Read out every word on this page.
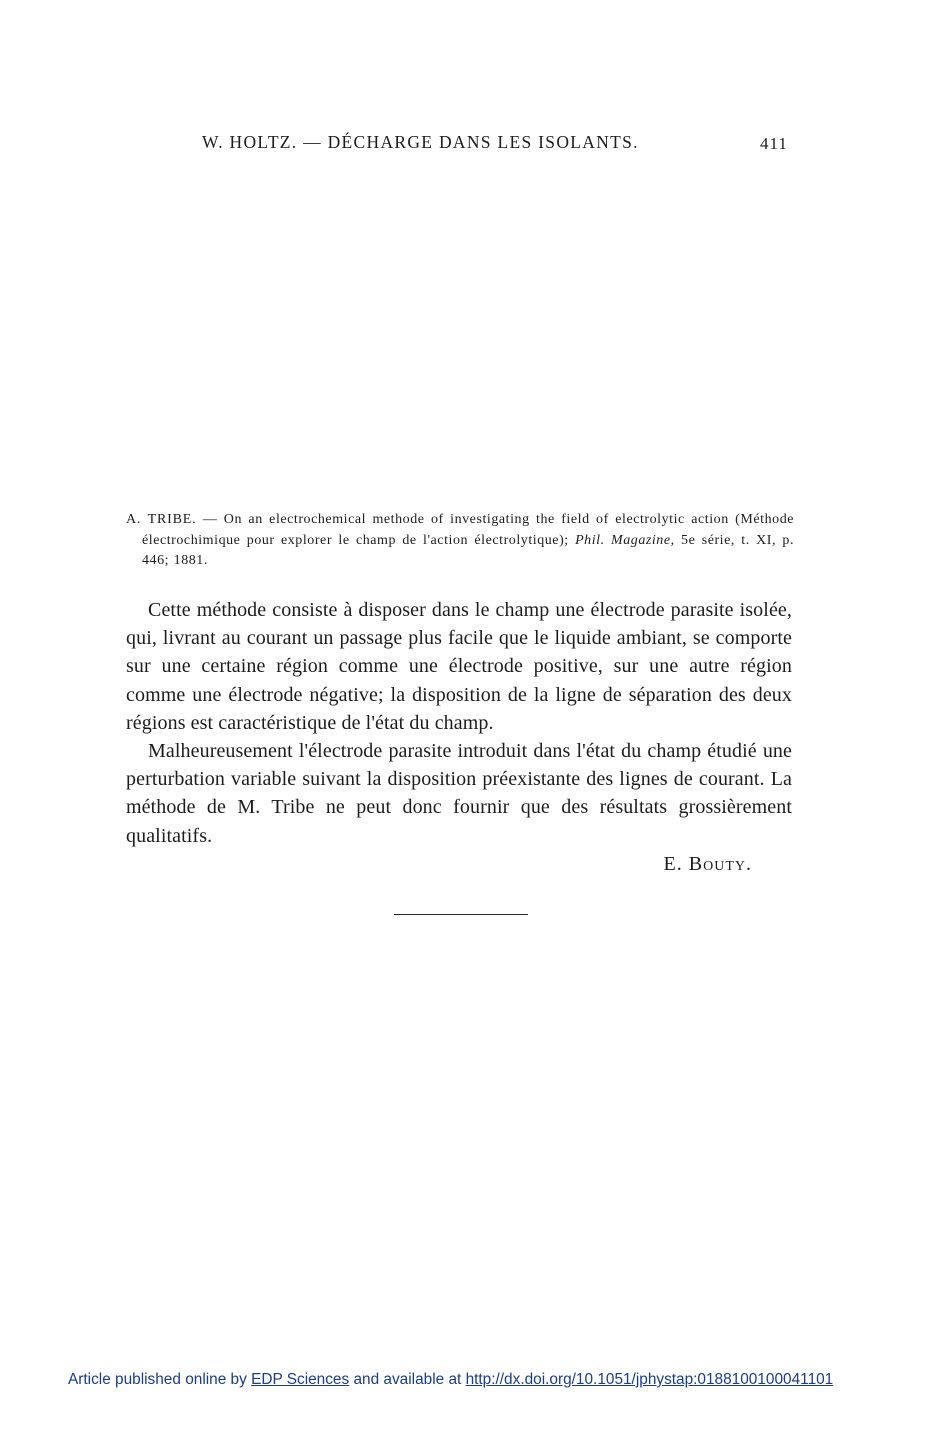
W. HOLTZ. — DÉCHARGE DANS LES ISOLANTS.	411
A. TRIBE. — On an electrochemical methode of investigating the field of electrolytic action (Méthode électrochimique pour explorer le champ de l'action électrolytique); Phil. Magazine, 5e série, t. XI, p. 446; 1881.

Cette méthode consiste à disposer dans le champ une électrode parasite isolée, qui, livrant au courant un passage plus facile que le liquide ambiant, se comporte sur une certaine région comme une électrode positive, sur une autre région comme une électrode négative; la disposition de la ligne de séparation des deux régions est caractéristique de l'état du champ.

Malheureusement l'électrode parasite introduit dans l'état du champ étudié une perturbation variable suivant la disposition préexistante des lignes de courant. La méthode de M. Tribe ne peut donc fournir que des résultats grossièrement qualitatifs.

E. Bouty.
Article published online by EDP Sciences and available at http://dx.doi.org/10.1051/jphystap:0188100100041101
